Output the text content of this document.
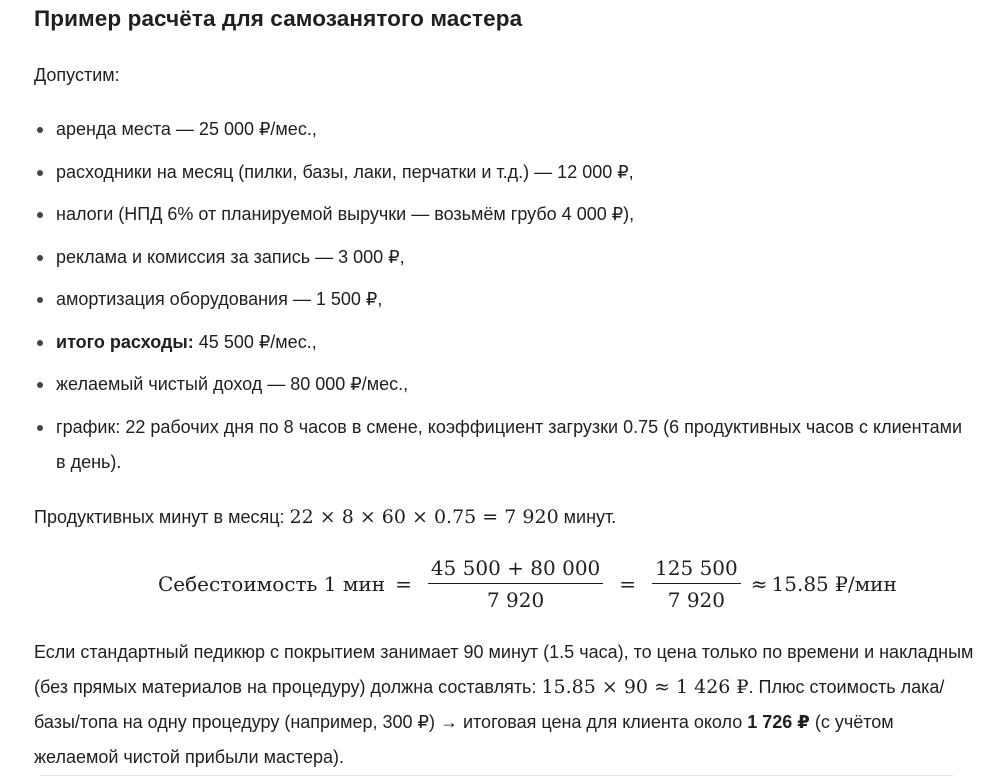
Пример расчёта для самозанятого мастера
Допустим:
аренда места — 25 000 ₽/мес.,
расходники на месяц (пилки, базы, лаки, перчатки и т.д.) — 12 000 ₽,
налоги (НПД 6% от планируемой выручки — возьмём грубо 4 000 ₽),
реклама и комиссия за запись — 3 000 ₽,
амортизация оборудования — 1 500 ₽,
итого расходы: 45 500 ₽/мес.,
желаемый чистый доход — 80 000 ₽/мес.,
график: 22 рабочих дня по 8 часов в смене, коэффициент загрузки 0.75 (6 продуктивных часов с клиентами в день).
Продуктивных минут в месяц: 22 × 8 × 60 × 0.75 = 7 920 минут.
Себестоимость 1 мин = $\frac{45 500 + 80 000}{7 920} = \frac{125 500}{7 920} \approx 15.85$ ₽/мин
Если стандартный педикюр с покрытием занимает 90 минут (1.5 часа), то цена только по времени и накладным (без прямых материалов на процедуру) должна составлять: 15.85 × 90 ≈ 1 426 ₽. Плюс стоимость лака/базы/топа на одну процедуру (например, 300 ₽) → итоговая цена для клиента около 1 726 ₽ (с учётом желаемой чистой прибыли мастера).
